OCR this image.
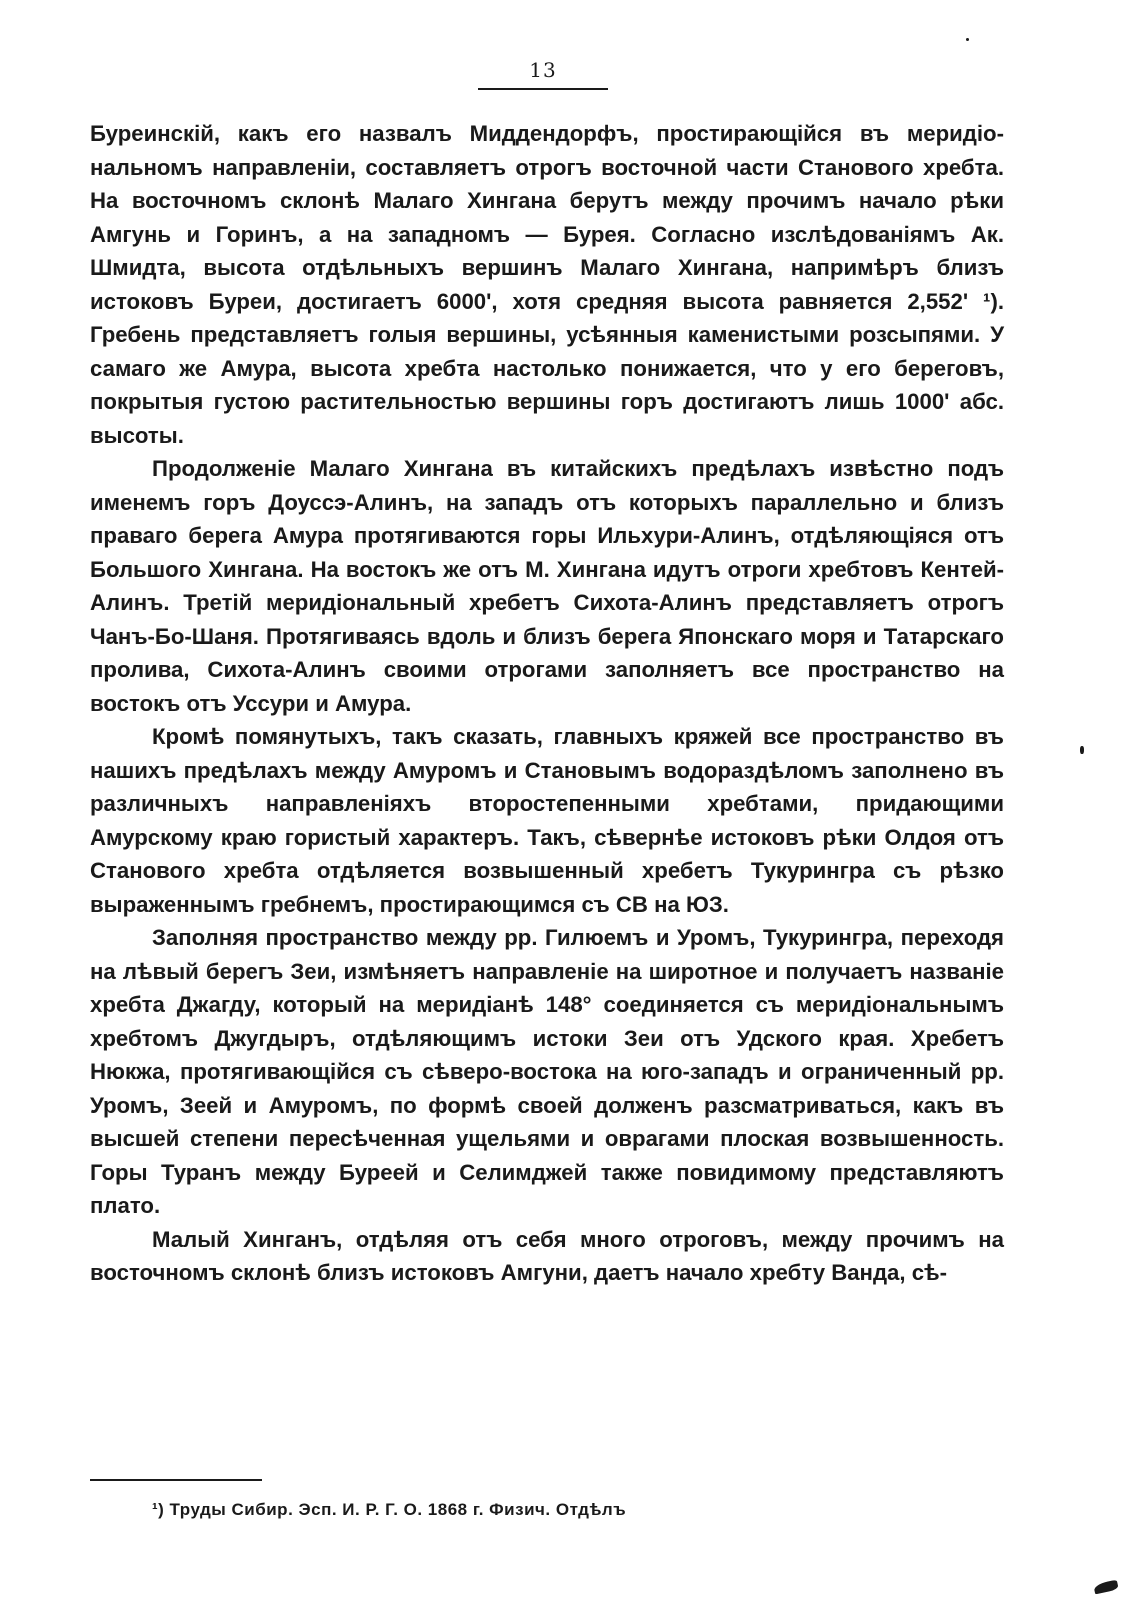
13

Буреинскій, какъ его назвалъ Миддендорфъ, простирающійся въ меридіональномъ направленіи, составляетъ отрогъ восточной части Станового хребта. На восточномъ склонѣ Малаго Хингана берутъ между прочимъ начало рѣки Амгунь и Горинъ, а на западномъ — Бурея. Согласно изслѣдованіямъ Ак. Шмидта, высота отдѣльныхъ вершинъ Малаго Хингана, напримѣръ близъ истоковъ Буреи, достигаетъ 6000', хотя средняя высота равняется 2,552' ¹). Гребень представляетъ голыя вершины, усѣянныя каменистыми розсыпями. У самаго же Амура, высота хребта настолько понижается, что у его береговъ, покрытыя густою растительностью вершины горъ достигаютъ лишь 1000' абс. высоты.

Продолженіе Малаго Хингана въ китайскихъ предѣлахъ извѣстно подъ именемъ горъ Доуссэ-Алинъ, на западъ отъ которыхъ параллельно и близъ праваго берега Амура протягиваются горы Ильхури-Алинъ, отдѣляющіяся отъ Большого Хингана. На востокъ же отъ М. Хингана идутъ отроги хребтовъ Кентей-Алинъ. Третій меридіональный хребетъ Сихота-Алинъ представляетъ отрогъ Чанъ-Бо-Шаня. Протягиваясь вдоль и близъ берега Японскаго моря и Татарскаго пролива, Сихота-Алинъ своими отрогами заполняетъ все пространство на востокъ отъ Уссури и Амура.

Кромѣ помянутыхъ, такъ сказать, главныхъ кряжей все пространство въ нашихъ предѣлахъ между Амуромъ и Становымъ водораздѣломъ заполнено въ различныхъ направленіяхъ второстепенными хребтами, придающими Амурскому краю гористый характеръ. Такъ, сѣвернѣе истоковъ рѣки Олдоя отъ Станового хребта отдѣляется возвышенный хребетъ Тукурингра съ рѣзко выраженнымъ гребнемъ, простирающимся съ СВ на ЮЗ.

Заполняя пространство между рр. Гилюемъ и Уромъ, Тукурингра, переходя на лѣвый берегъ Зеи, измѣняетъ направленіе на широтное и получаетъ названіе хребта Джагду, который на меридіанѣ 148° соединяется съ меридіональнымъ хребтомъ Джугдыръ, отдѣляющимъ истоки Зеи отъ Удского края. Хребетъ Нюкжа, протягивающійся съ сѣверо-востока на юго-западъ и ограниченный рр. Уромъ, Зеей и Амуромъ, по формѣ своей долженъ разсматриваться, какъ въ высшей степени пересѣченная ущельями и оврагами плоская возвышенность. Горы Туранъ между Буреей и Селимджей также повидимому представляютъ плато.

Малый Хинганъ, отдѣляя отъ себя много отроговъ, между прочимъ на восточномъ склонѣ близъ истоковъ Амгуни, даетъ начало хребту Ванда, сѣ-

¹) Труды Сибир. Эсп. И. Р. Г. О. 1868 г. Физич. Отдѣлъ
